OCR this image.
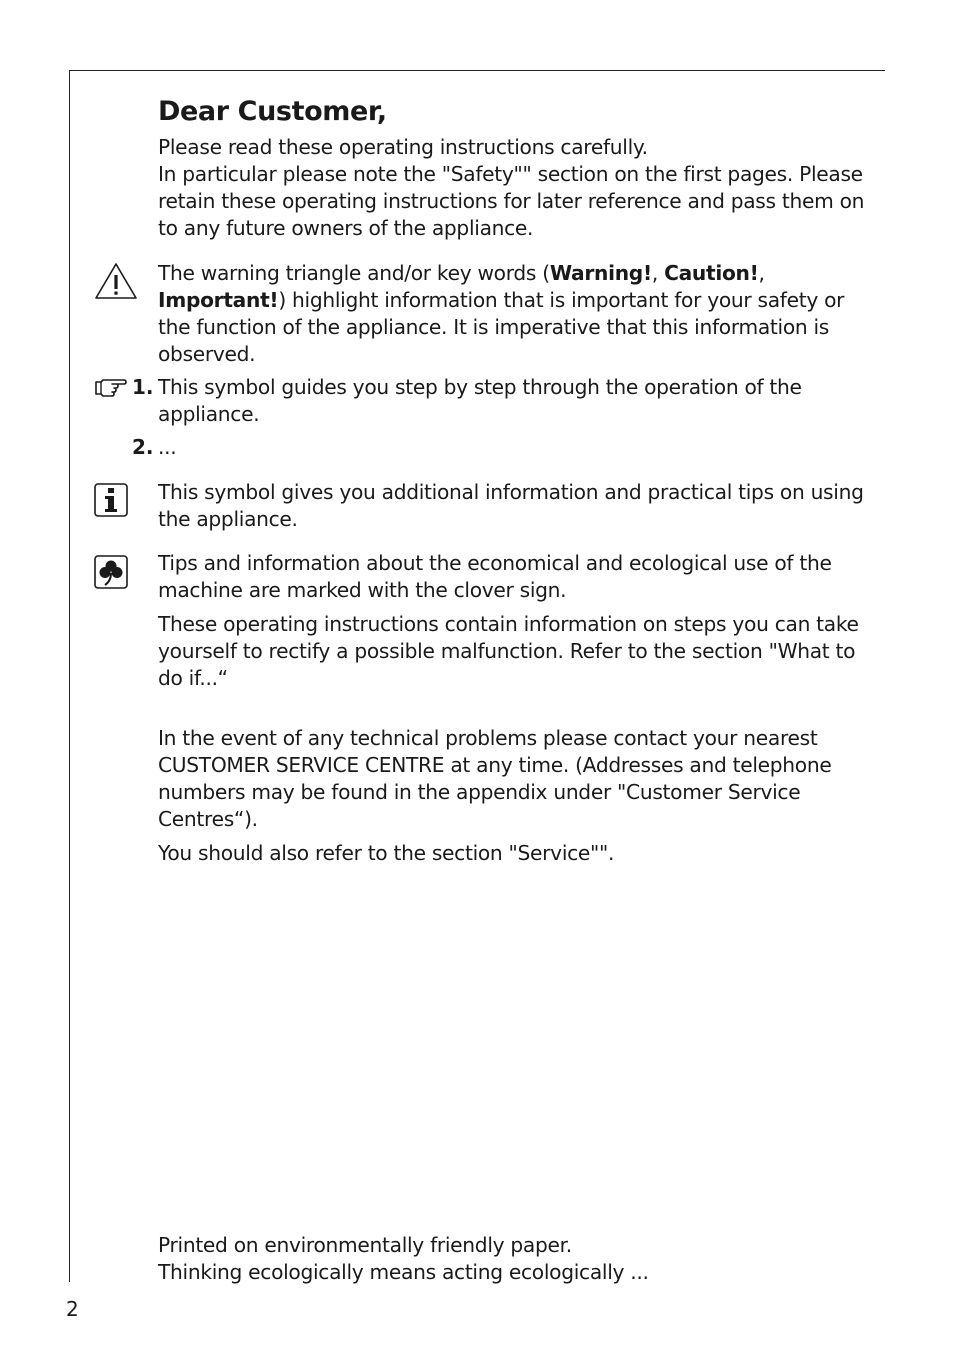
Dear Customer,

Please read these operating instructions carefully.

In particular please note the "Safety"" section on the first pages. Please retain these operating instructions for later reference and pass them on to any future owners of the appliance.

The warning triangle and/or key words (Warning!, Caution!, Important!) highlight information that is important for your safety or the function of the appliance. It is imperative that this information is observed.

1. This symbol guides you step by step through the operation of the appliance.
2. ...
This symbol gives you additional information and practical tips on using the appliance.
Tips and information about the economical and ecological use of the machine are marked with the clover sign.
These operating instructions contain information on steps you can take yourself to rectify a possible malfunction. Refer to the section "What to do if...“
In the event of any technical problems please contact your nearest CUSTOMER SERVICE CENTRE at any time. (Addresses and telephone numbers may be found in the appendix under "Customer Service Centres“).
You should also refer to the section "Service"".

Printed on environmentally friendly paper.

Thinking ecologically means acting ecologically ...

2
